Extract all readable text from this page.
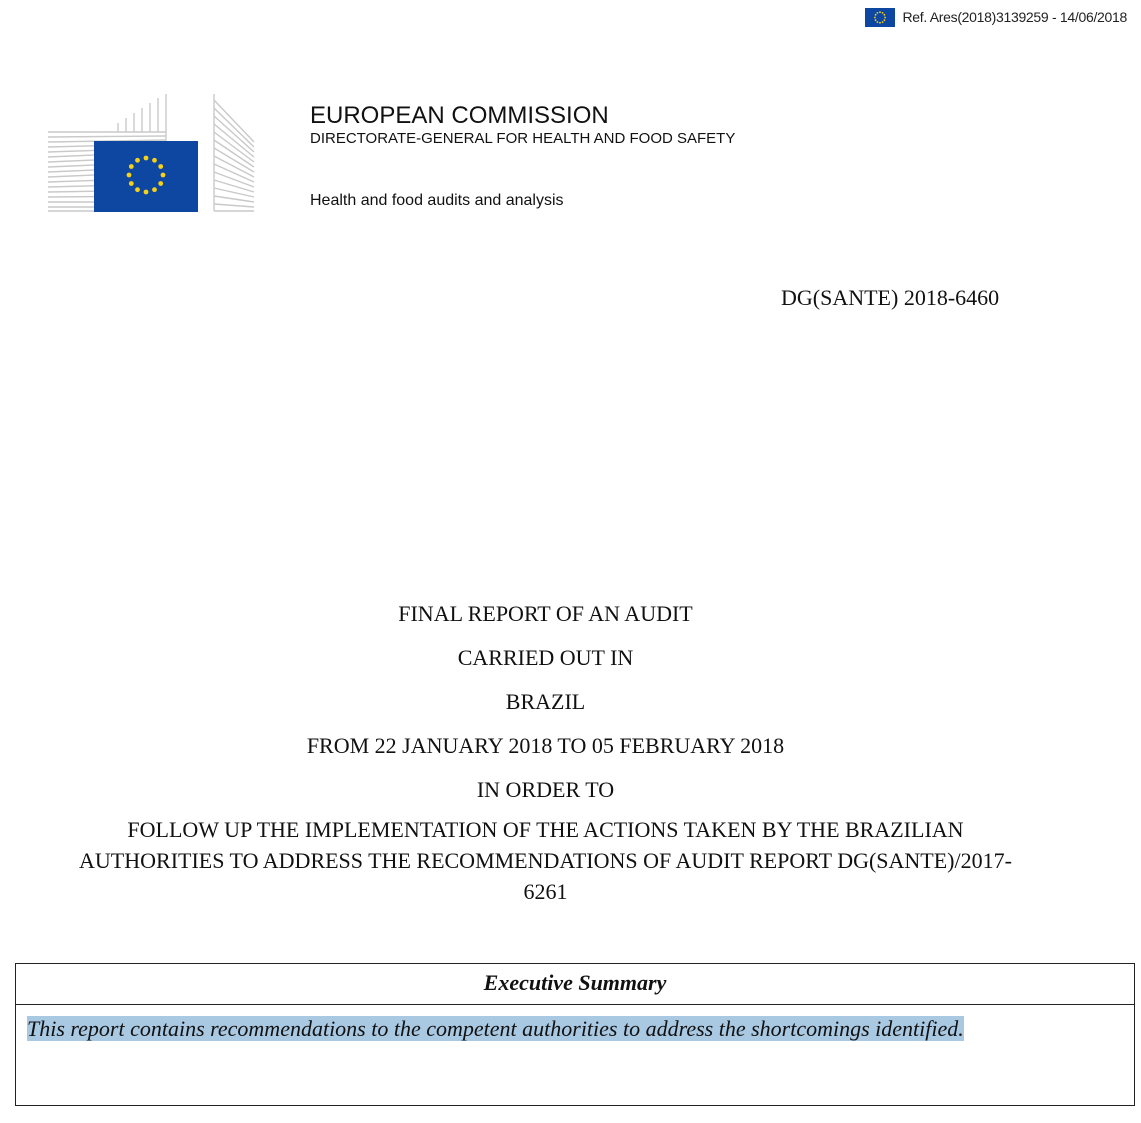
Ref. Ares(2018)3139259 - 14/06/2018
EUROPEAN COMMISSION
DIRECTORATE-GENERAL FOR HEALTH AND FOOD SAFETY
Health and food audits and analysis
DG(SANTE) 2018-6460
FINAL REPORT OF AN AUDIT
CARRIED OUT IN
BRAZIL
FROM 22 JANUARY 2018 TO 05 FEBRUARY 2018
IN ORDER TO
FOLLOW UP THE IMPLEMENTATION OF THE ACTIONS TAKEN BY THE BRAZILIAN AUTHORITIES TO ADDRESS THE RECOMMENDATIONS OF AUDIT REPORT DG(SANTE)/2017-6261
Executive Summary
This report contains recommendations to the competent authorities to address the shortcomings identified.
